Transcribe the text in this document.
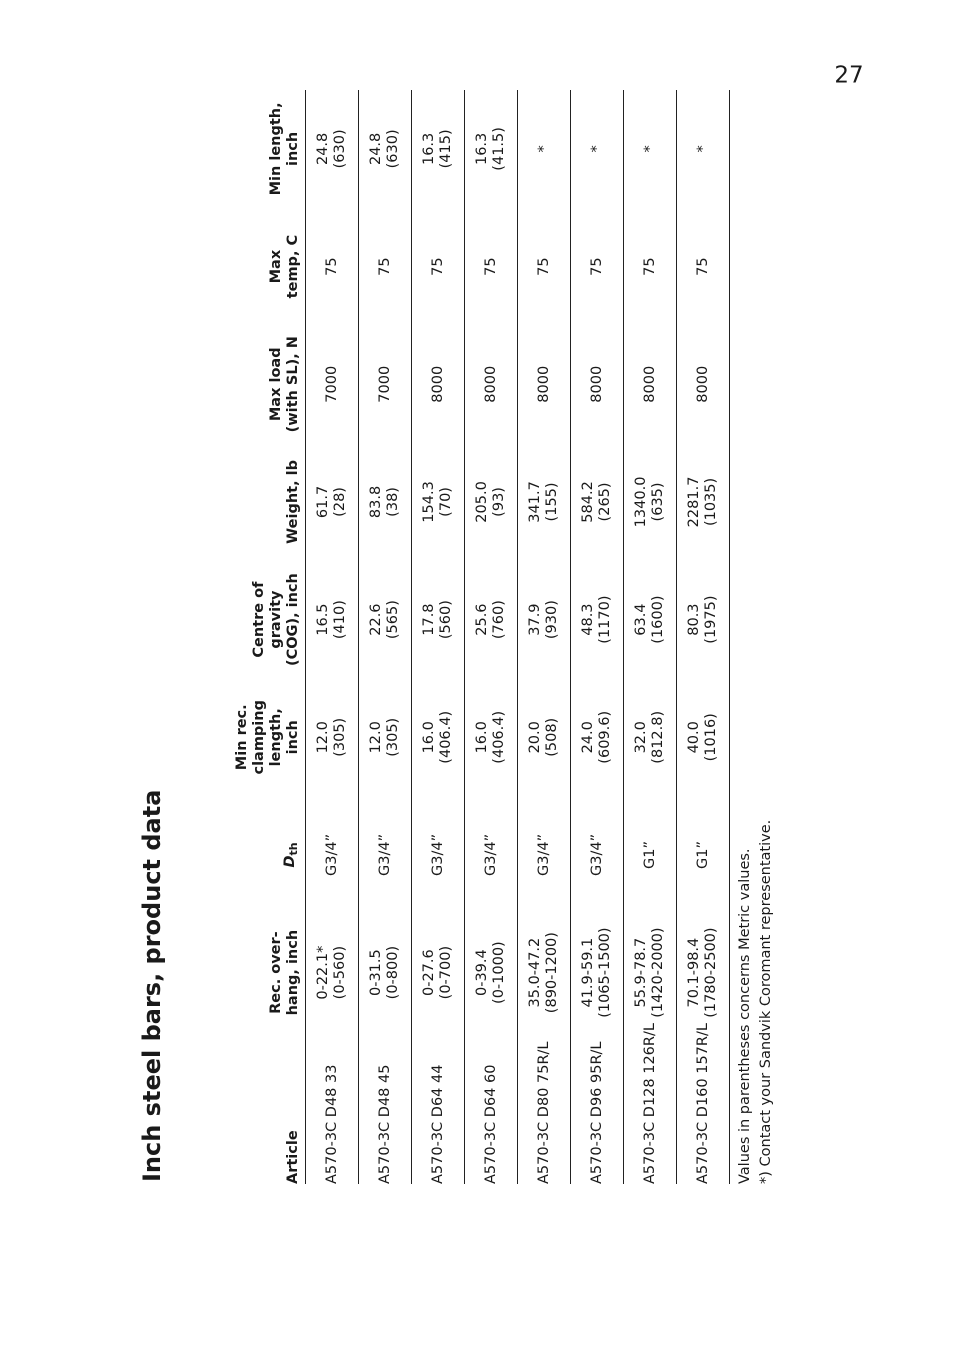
Inch steel bars, product data	Article	Rec. over- hang, inch	$D_{th}$	Min rec. clamping length, inch	Centre of gravity (COG), inch	Weight, lb	Max load (with SL), N	Max temp, C	Min length, inch

A570-3C D48 33	0-22.1* (0-560)	G3/4”	12.0 (305)	16.5 (410)	61.7 (28)	7000	75	24.8 (630)

A570-3C D48 45	0-31.5 (0-800)	G3/4”	12.0 (305)	22.6 (565)	83.8 (38)	7000	75	24.8 (630)

A570-3C D64 44	0-27.6 (0-700)	G3/4”	16.0 (406.4)	17.8 (560)	154.3 (70)	8000	75	16.3 (415)

A570-3C D64 60	0-39.4 (0-1000)	G3/4”	16.0 (406.4)	25.6 (760)	205.0 (93)	8000	75	16.3 (41.5)

A570-3C D80 75R/L	35.0-47.2 (890-1200)	G3/4”	20.0 (508)	37.9 (930)	341.7 (155)	8000	75	*

A570-3C D96 95R/L	41.9-59.1 (1065-1500)	G3/4”	24.0 (609.6)	48.3 (1170)	584.2 (265)	8000	75	*

A570-3C D128 126R/L	55.9-78.7 (1420-2000)	G1”	32.0 (812.8)	63.4 (1600)	1340.0 (635)	8000	75	*

A570-3C D160 157R/L	70.1-98.4 (1780-2500)	G1”	40.0 (1016)	80.3 (1975)	2281.7 (1035)	8000	75	*
Values in parentheses concerns Metric values. *) Contact your Sandvik Coromant representative.
27
